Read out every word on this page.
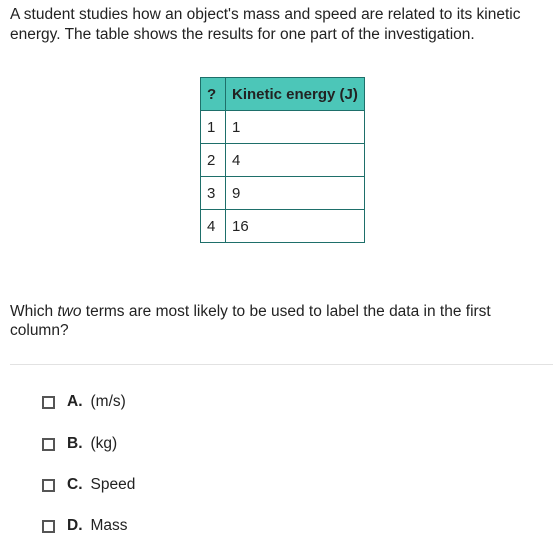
A student studies how an object's mass and speed are related to its kinetic energy. The table shows the results for one part of the investigation.
?	Kinetic energy (J)
1	1
2	4
3	9
4	16
Which two terms are most likely to be used to label the data in the first column?
A. (m/s)
B. (kg)
C. Speed
D. Mass
